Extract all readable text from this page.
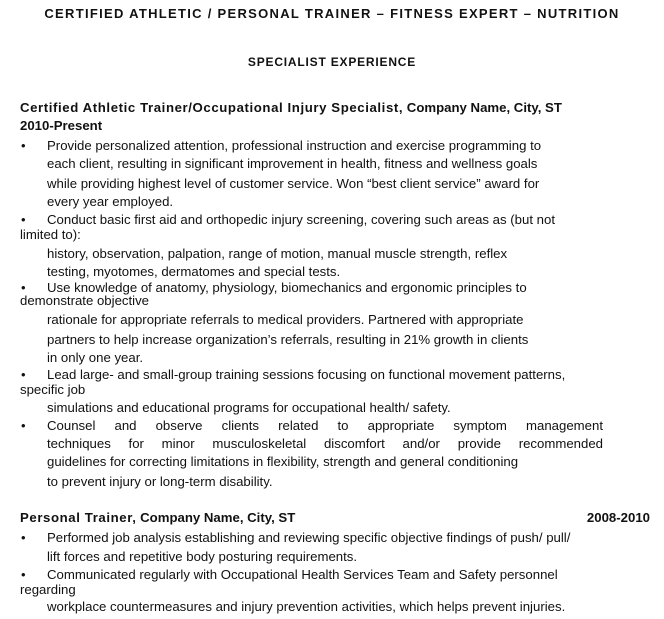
CERTIFIED ATHLETIC / PERSONAL TRAINER – FITNESS EXPERT – NUTRITION
SPECIALIST EXPERIENCE
Certified Athletic Trainer/Occupational Injury Specialist, Company Name, City, ST
2010-Present
• Provide personalized attention, professional instruction and exercise programming to
each client, resulting in significant improvement in health, fitness and wellness goals
while providing highest level of customer service. Won “best client service” award for
every year employed.
• Conduct basic first aid and orthopedic injury screening, covering such areas as (but not
limited to):
history, observation, palpation, range of motion, manual muscle strength, reflex
testing, myotomes, dermatomes and special tests.
• Use knowledge of anatomy, physiology, biomechanics and ergonomic principles to
demonstrate objective
rationale for appropriate referrals to medical providers. Partnered with appropriate
partners to help increase organization’s referrals, resulting in 21% growth in clients
in only one year.
• Lead large- and small-group training sessions focusing on functional movement patterns,
specific job
simulations and educational programs for occupational health/ safety.
• Counsel and observe clients related to appropriate symptom management
techniques for minor musculoskeletal discomfort and/or provide recommended
guidelines for correcting limitations in flexibility, strength and general conditioning
to prevent injury or long-term disability.
Personal Trainer, Company Name, City, ST	2008-2010
• Performed job analysis establishing and reviewing specific objective findings of push/ pull/
lift forces and repetitive body posturing requirements.
• Communicated regularly with Occupational Health Services Team and Safety personnel
regarding
workplace countermeasures and injury prevention activities, which helps prevent injuries.
